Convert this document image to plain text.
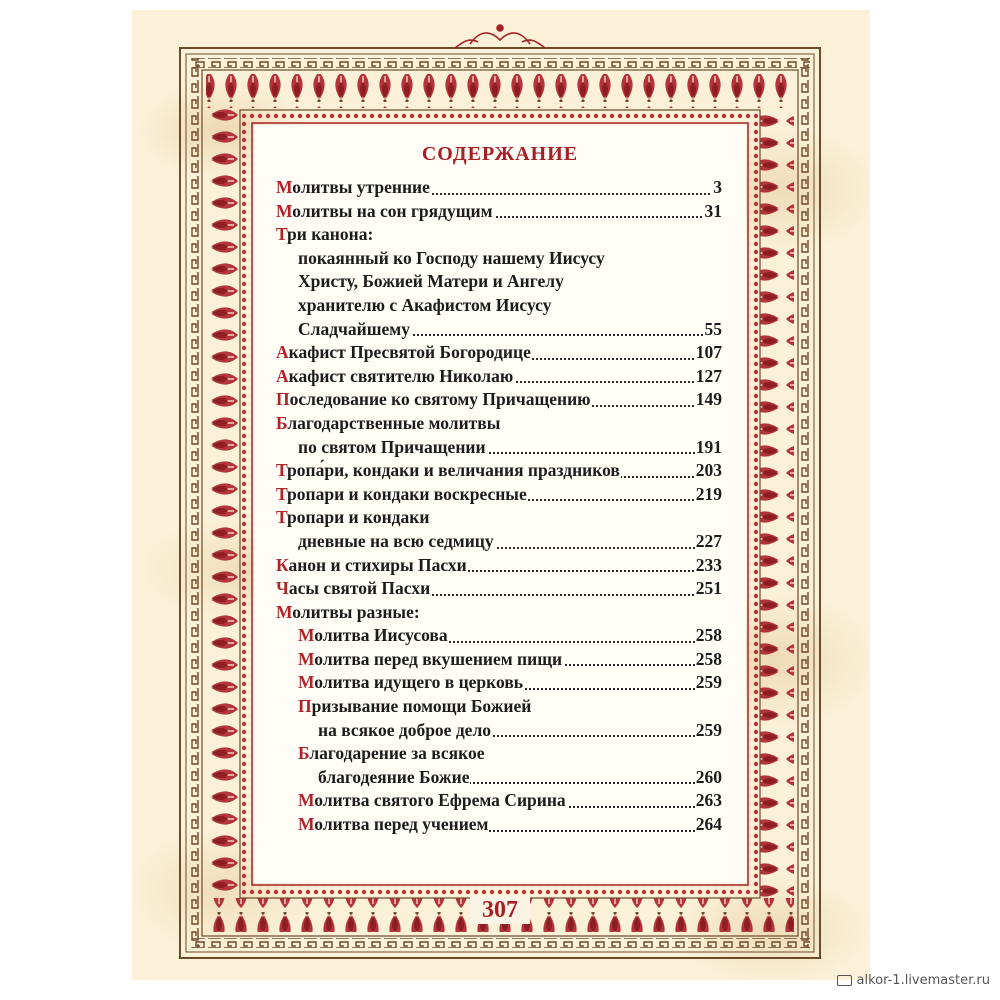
СОДЕРЖАНИЕ
Молитвы утренние	3
Молитвы на сон грядущим	31
Три канона:
покаянный ко Господу нашему Иисусу
Христу, Божией Матери и Ангелу
хранителю с Акафистом Иисусу
Сладчайшему	55
Акафист Пресвятой Богородице	107
Акафист святителю Николаю	127
Последование ко святому Причащению	149
Благодарственные молитвы
по святом Причащении	191
Тропа́ри, кондаки и величания праздников	203
Тропари и кондаки воскресные	219
Тропари и кондаки
дневные на всю седмицу	227
Канон и стихиры Пасхи	233
Часы святой Пасхи	251
Молитвы разные:
Молитва Иисусова	258
Молитва перед вкушением пищи	258
Молитва идущего в церковь	259
Призывание помощи Божией
на всякое доброе дело	259
Благодарение за всякое
благодеяние Божие	260
Молитва святого Ефрема Сирина	263
Молитва перед учением	264
307
alkor-1.livemaster.ru
